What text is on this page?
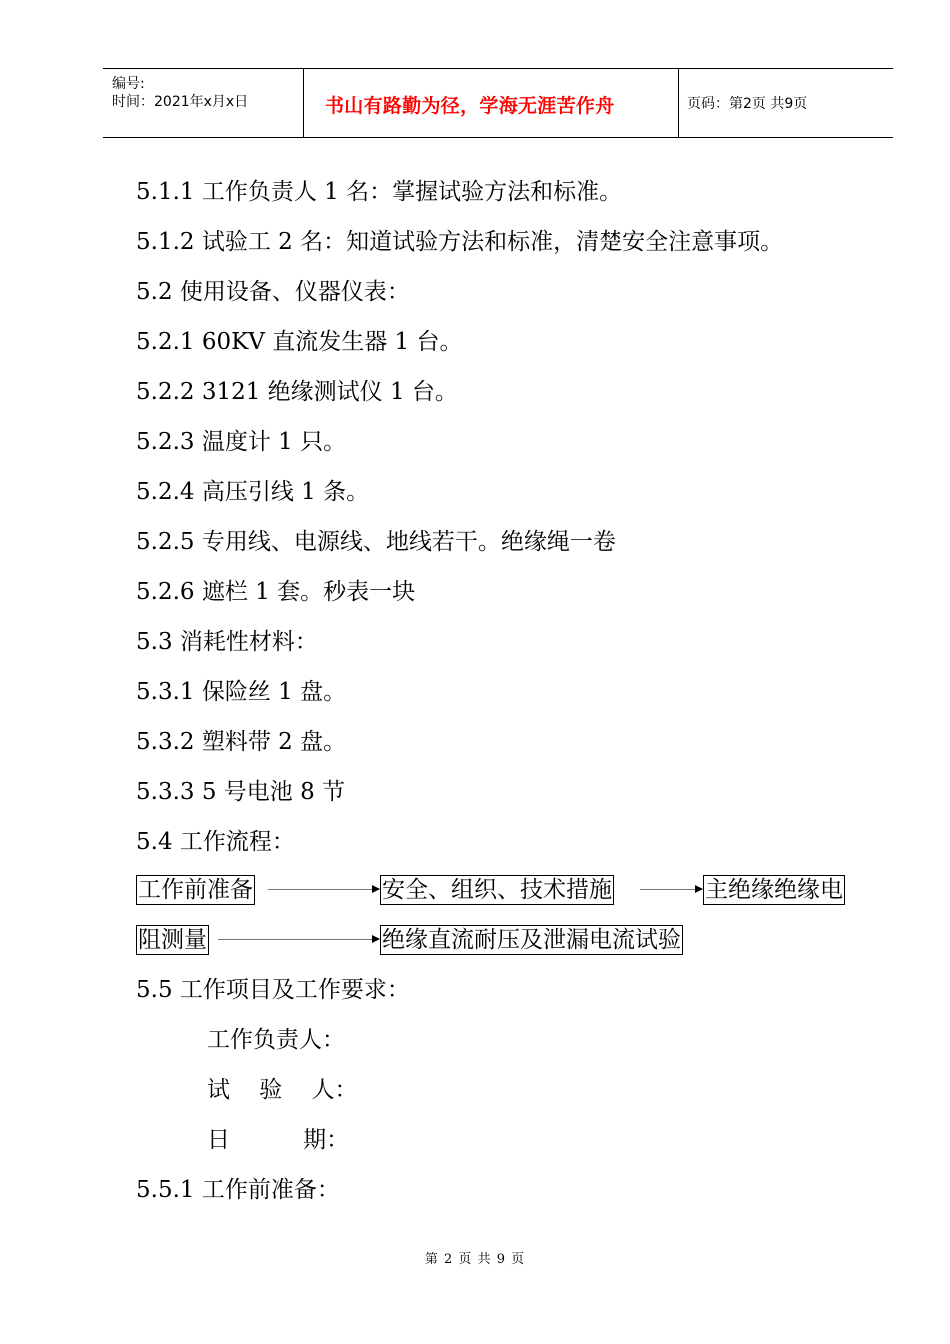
编号:
时间：2021年x月x日	书山有路勤为径，学海无涯苦作舟	页码：第2页 共9页
5.1.1 工作负责人 1 名：掌握试验方法和标准。
5.1.2 试验工 2 名：知道试验方法和标准，清楚安全注意事项。
5.2 使用设备、仪器仪表：
5.2.1 60KV 直流发生器 1 台。
5.2.2 3121 绝缘测试仪 1 台。
5.2.3 温度计 1 只。
5.2.4 高压引线 1 条。
5.2.5 专用线、电源线、地线若干。绝缘绳一卷
5.2.6 遮栏 1 套。秒表一块
5.3 消耗性材料：
5.3.1 保险丝 1 盘。
5.3.2 塑料带 2 盘。
5.3.3 5 号电池 8 节
5.4 工作流程：
工作前准备	安全、组织、技术措施	主绝缘绝缘电
阻测量	绝缘直流耐压及泄漏电流试验
5.5 工作项目及工作要求：
工作负责人：
试    验    人：
日          期：
5.5.1 工作前准备：
第 2 页 共 9 页
